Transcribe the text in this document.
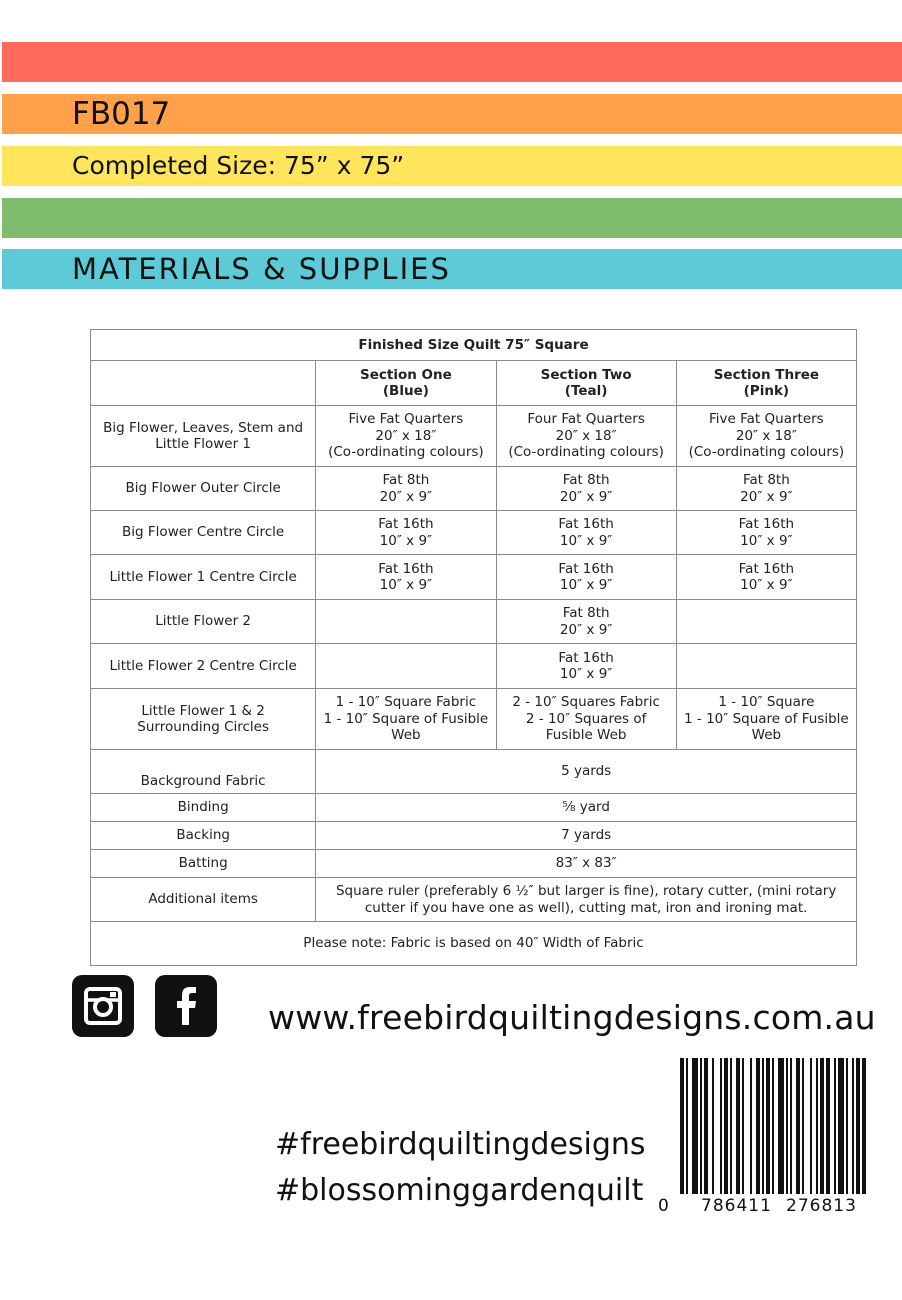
FB017
Completed Size: 75” x 75”
MATERIALS & SUPPLIES
Finished Size Quilt 75″ Square			

	Section One
(Blue)	Section Two
(Teal)	Section Three
(Pink)

Big Flower, Leaves, Stem and
Little Flower 1	Five Fat Quarters
20″ x 18″
(Co-ordinating colours)	Four Fat Quarters
20″ x 18″
(Co-ordinating colours)	Five Fat Quarters
20″ x 18″
(Co-ordinating colours)

Big Flower Outer Circle	Fat 8th
20″ x 9″	Fat 8th
20″ x 9″	Fat 8th
20″ x 9″

Big Flower Centre Circle	Fat 16th
10″ x 9″	Fat 16th
10″ x 9″	Fat 16th
10″ x 9″

Little Flower 1 Centre Circle	Fat 16th
10″ x 9″	Fat 16th
10″ x 9″	Fat 16th
10″ x 9″

Little Flower 2		Fat 8th
20″ x 9″	

Little Flower 2 Centre Circle		Fat 16th
10″ x 9″	

Little Flower 1 & 2
Surrounding Circles	1 - 10″ Square Fabric
1 - 10″ Square of Fusible
Web	2 - 10″ Squares Fabric
2 - 10″ Squares of
Fusible Web	1 - 10″ Square
1 - 10″ Square of Fusible
Web

Background Fabric	5 yards		

Binding	⅝ yard		

Backing	7 yards		

Batting	83″ x 83″		

Additional items	Square ruler (preferably 6 ½″ but larger is fine), rotary cutter, (mini rotary
cutter if you have one as well), cutting mat, iron and ironing mat.		

Please note: Fabric is based on 40″ Width of Fabric			
www.freebirdquiltingdesigns.com.au
#freebirdquiltingdesigns
#blossominggardenquilt 0 786411 276813
